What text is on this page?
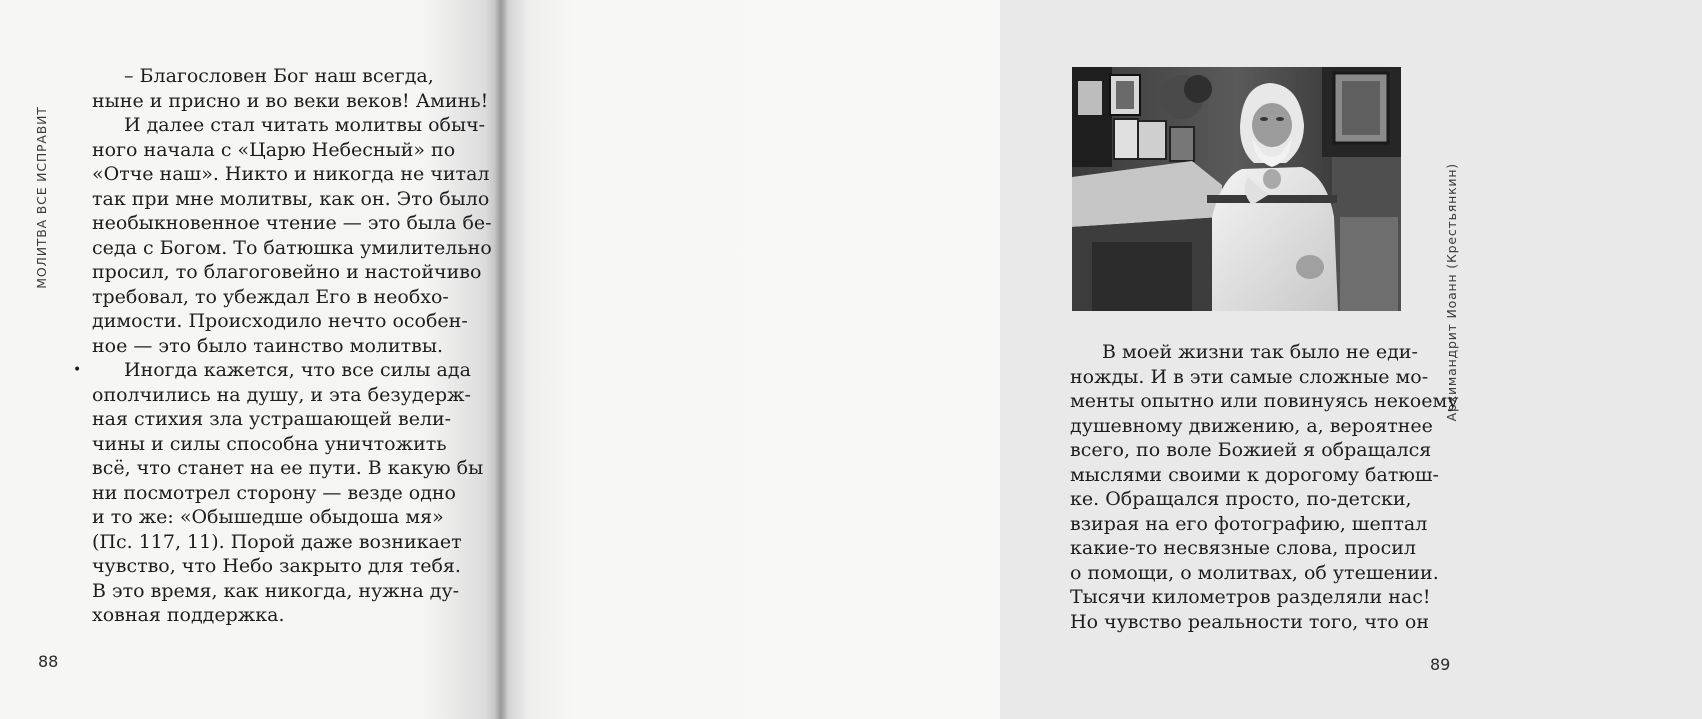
МОЛИТВА ВСЕ ИСПРАВИТ

– Благословен Бог наш всегда,

ныне и присно и во веки веков! Аминь!

И далее стал читать молитвы обыч-

ного начала с «Царю Небесный» по

«Отче наш». Никто и никогда не читал

так при мне молитвы, как он. Это было

необыкновенное чтение — это была бе-

седа с Богом. То батюшка умилительно

просил, то благоговейно и настойчиво

требовал, то убеждал Его в необхо-

димости. Происходило нечто особен-

ное — это было таинство молитвы.

•	Иногда кажется, что все силы ада

ополчились на душу, и эта безудерж-

ная стихия зла устрашающей вели-

чины и силы способна уничтожить

всё, что станет на ее пути. В какую бы

ни посмотрел сторону — везде одно

и то же: «Обышедше обыдоша мя»

(Пс. 117, 11). Порой даже возникает

чувство, что Небо закрыто для тебя.

В это время, как никогда, нужна ду-

ховная поддержка.

88
Архимандрит Иоанн (Крестьянкин)

В моей жизни так было не еди-

ножды. И в эти самые сложные мо-

менты опытно или повинуясь некоему

душевному движению, а, вероятнее

всего, по воле Божией я обращался

мыслями своими к дорогому батюш-

ке. Обращался просто, по-детски,

взирая на его фотографию, шептал

какие-то несвязные слова, просил

о помощи, о молитвах, об утешении.

Тысячи километров разделяли нас!

Но чувство реальности того, что он

89
